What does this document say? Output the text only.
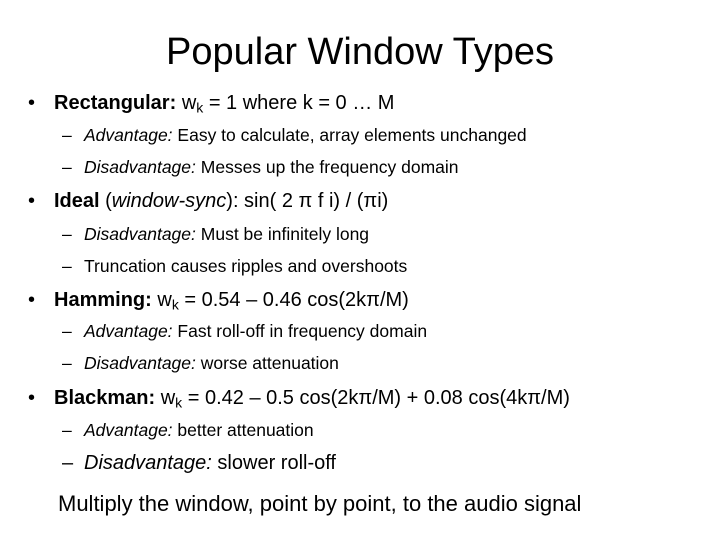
Popular Window Types
• Rectangular: $w_k = 1$ where k = 0 … M
– Advantage: Easy to calculate, array elements unchanged
– Disadvantage: Messes up the frequency domain
• Ideal (window-sync): sin( 2 π f i) / (πi)
– Disadvantage: Must be infinitely long
– Truncation causes ripples and overshoots
• Hamming: $w_k = 0.54 - 0.46$ cos(2kπ/M)
– Advantage: Fast roll-off in frequency domain
– Disadvantage: worse attenuation
• Blackman: $w_k = 0.42 - 0.5$ cos(2kπ/M) + 0.08 cos(4kπ/M)
– Advantage: better attenuation
– Disadvantage: slower roll-off
Multiply the window, point by point, to the audio signal
